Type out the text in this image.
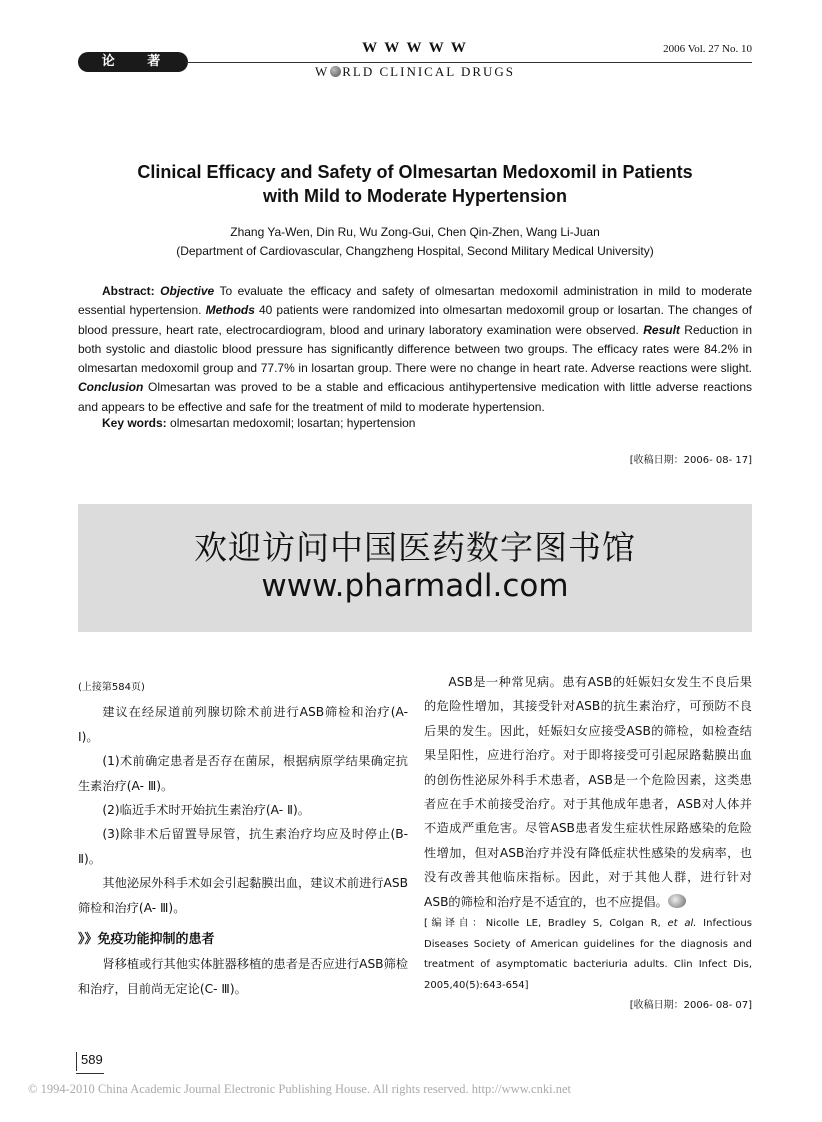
论 著
W W W W W
W RLD CLINICAL DRUGS
2006 Vol. 27 No. 10
Clinical Efficacy and Safety of Olmesartan Medoxomil in Patients
with Mild to Moderate Hypertension
Zhang Ya-Wen, Din Ru, Wu Zong-Gui, Chen Qin-Zhen, Wang Li-Juan
(Department of Cardiovascular, Changzheng Hospital, Second Military Medical University)
Abstract: Objective To evaluate the efficacy and safety of olmesartan medoxomil administration in mild to moderate essential hypertension. Methods 40 patients were randomized into olmesartan medoxomil group or losartan. The changes of blood pressure, heart rate, electrocardiogram, blood and urinary laboratory examination were observed. Result Reduction in both systolic and diastolic blood pressure has significantly difference between two groups. The efficacy rates were 84.2% in olmesartan medoxomil group and 77.7% in losartan group. There were no change in heart rate. Adverse reactions were slight. Conclusion Olmesartan was proved to be a stable and efficacious antihypertensive medication with little adverse reactions and appears to be effective and safe for the treatment of mild to moderate hypertension.
Key words: olmesartan medoxomil; losartan; hypertension
[收稿日期：2006- 08- 17]
欢迎访问中国医药数字图书馆
www.pharmadl.com

(上接第584页)

建议在经尿道前列腺切除术前进行ASB筛检和治疗(A- Ⅰ)。

(1)术前确定患者是否存在菌尿，根据病原学结果确定抗生素治疗(A- Ⅲ)。

(2)临近手术时开始抗生素治疗(A- Ⅱ)。

(3)除非术后留置导尿管，抗生素治疗均应及时停止(B- Ⅱ)。

其他泌尿外科手术如会引起黏膜出血，建议术前进行ASB筛检和治疗(A- Ⅲ)。

》》免疫功能抑制的患者

肾移植或行其他实体脏器移植的患者是否应进行ASB筛检和治疗，目前尚无定论(C- Ⅲ)。

ASB是一种常见病。患有ASB的妊娠妇女发生不良后果的危险性增加，其接受针对ASB的抗生素治疗，可预防不良后果的发生。因此，妊娠妇女应接受ASB的筛检，如检查结果呈阳性，应进行治疗。对于即将接受可引起尿路黏膜出血的创伤性泌尿外科手术患者，ASB是一个危险因素，这类患者应在手术前接受治疗。对于其他成年患者，ASB对人体并不造成严重危害。尽管ASB患者发生症状性尿路感染的危险性增加，但对ASB治疗并没有降低症状性感染的发病率，也没有改善其他临床指标。因此，对于其他人群，进行针对ASB的筛检和治疗是不适宜的，也不应提倡。

[编译自：Nicolle LE, Bradley S, Colgan R, et al. Infectious Diseases Society of American guidelines for the diagnosis and treatment of asymptomatic bacteriuria adults. Clin Infect Dis, 2005,40(5):643-654]

[收稿日期：2006- 08- 07]

589
© 1994-2010 China Academic Journal Electronic Publishing House. All rights reserved. http://www.cnki.net
